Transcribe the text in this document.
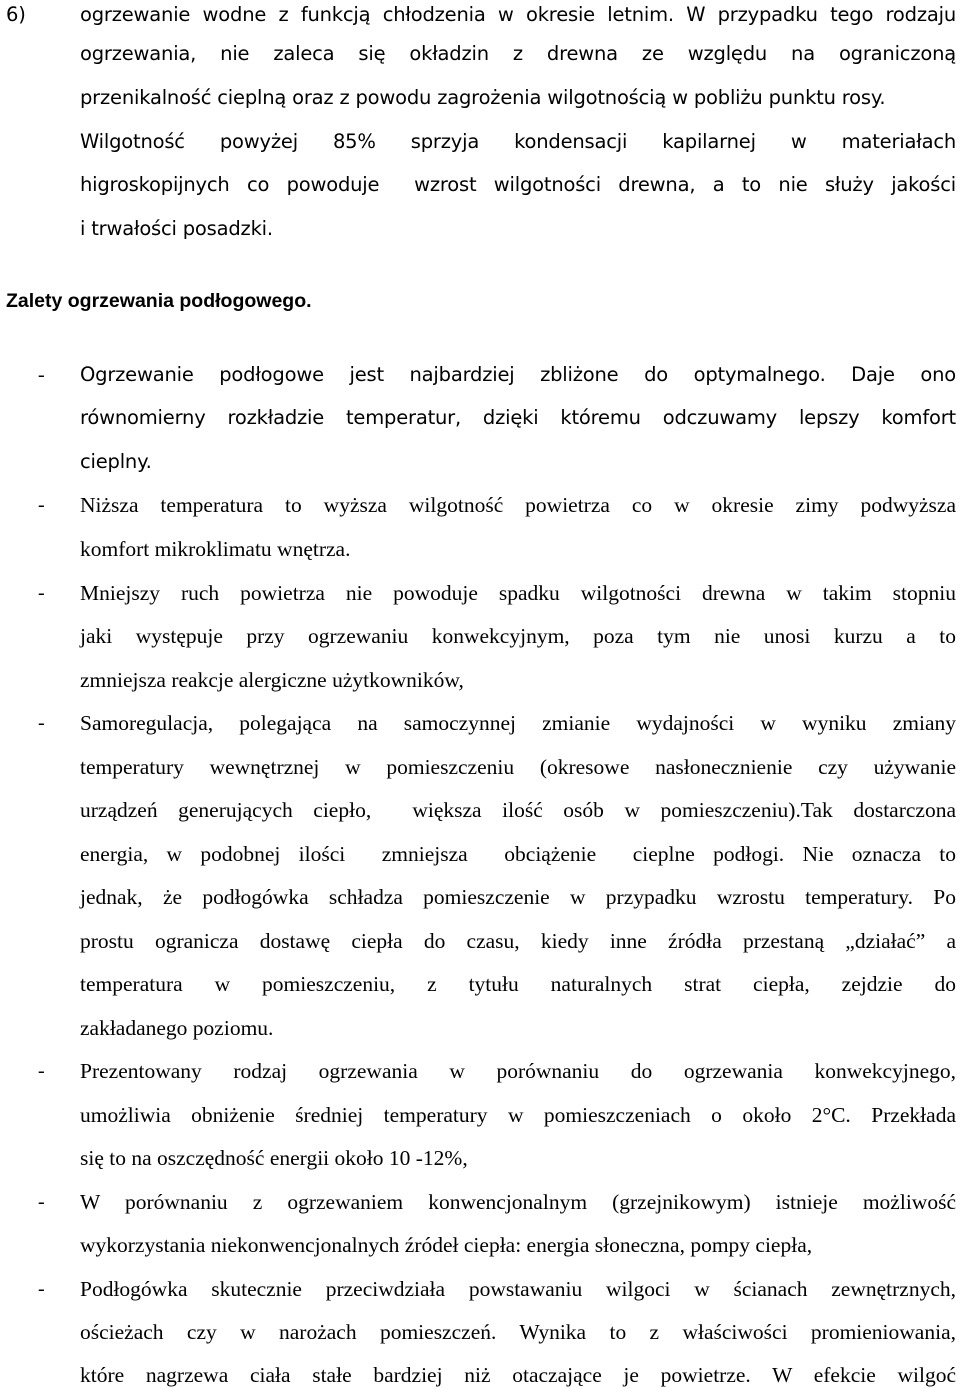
6)	ogrzewanie wodne z funkcją chłodzenia w okresie letnim. W przypadku tego rodzaju
ogrzewania, nie zaleca się okładzin z drewna ze względu na ograniczoną
przenikalność cieplną oraz z powodu zagrożenia wilgotnością w pobliżu punktu rosy.
Wilgotność powyżej 85% sprzyja kondensacji kapilarnej w materiałach
higroskopijnych co powoduje  wzrost wilgotności drewna, a to nie służy jakości
i trwałości posadzki.
Zalety ogrzewania podłogowego.
- Ogrzewanie podłogowe jest najbardziej zbliżone do optymalnego. Daje ono
równomierny rozkładzie temperatur, dzięki któremu odczuwamy lepszy komfort
cieplny.
- Niższa temperatura to wyższa wilgotność powietrza co w okresie zimy podwyższa
komfort mikroklimatu wnętrza.
- Mniejszy ruch powietrza nie powoduje spadku wilgotności drewna w takim stopniu
jaki występuje przy ogrzewaniu konwekcyjnym, poza tym nie unosi kurzu a to
zmniejsza reakcje alergiczne użytkowników,
- Samoregulacja, polegająca na samoczynnej zmianie wydajności w wyniku zmiany
temperatury wewnętrznej w pomieszczeniu (okresowe nasłonecznienie czy używanie
urządzeń generujących ciepło,  większa ilość osób w pomieszczeniu).Tak dostarczona
energia, w podobnej ilości  zmniejsza  obciążenie  cieplne podłogi. Nie oznacza to
jednak, że podłogówka schładza pomieszczenie w przypadku wzrostu temperatury. Po
prostu ogranicza dostawę ciepła do czasu, kiedy inne źródła przestaną „działać” a
temperatura w pomieszczeniu, z tytułu naturalnych strat ciepła, zejdzie do
zakładanego poziomu.
- Prezentowany rodzaj ogrzewania w porównaniu do ogrzewania konwekcyjnego,
umożliwia obniżenie średniej temperatury w pomieszczeniach o około 2°C. Przekłada
się to na oszczędność energii około 10 -12%,
- W porównaniu z ogrzewaniem konwencjonalnym (grzejnikowym) istnieje możliwość
wykorzystania niekonwencjonalnych źródeł ciepła: energia słoneczna, pompy ciepła,
- Podłogówka skutecznie przeciwdziała powstawaniu wilgoci w ścianach zewnętrznych,
ościeżach czy w narożach pomieszczeń. Wynika to z właściwości promieniowania,
które nagrzewa ciała stałe bardziej niż otaczające je powietrze. W efekcie wilgoć
